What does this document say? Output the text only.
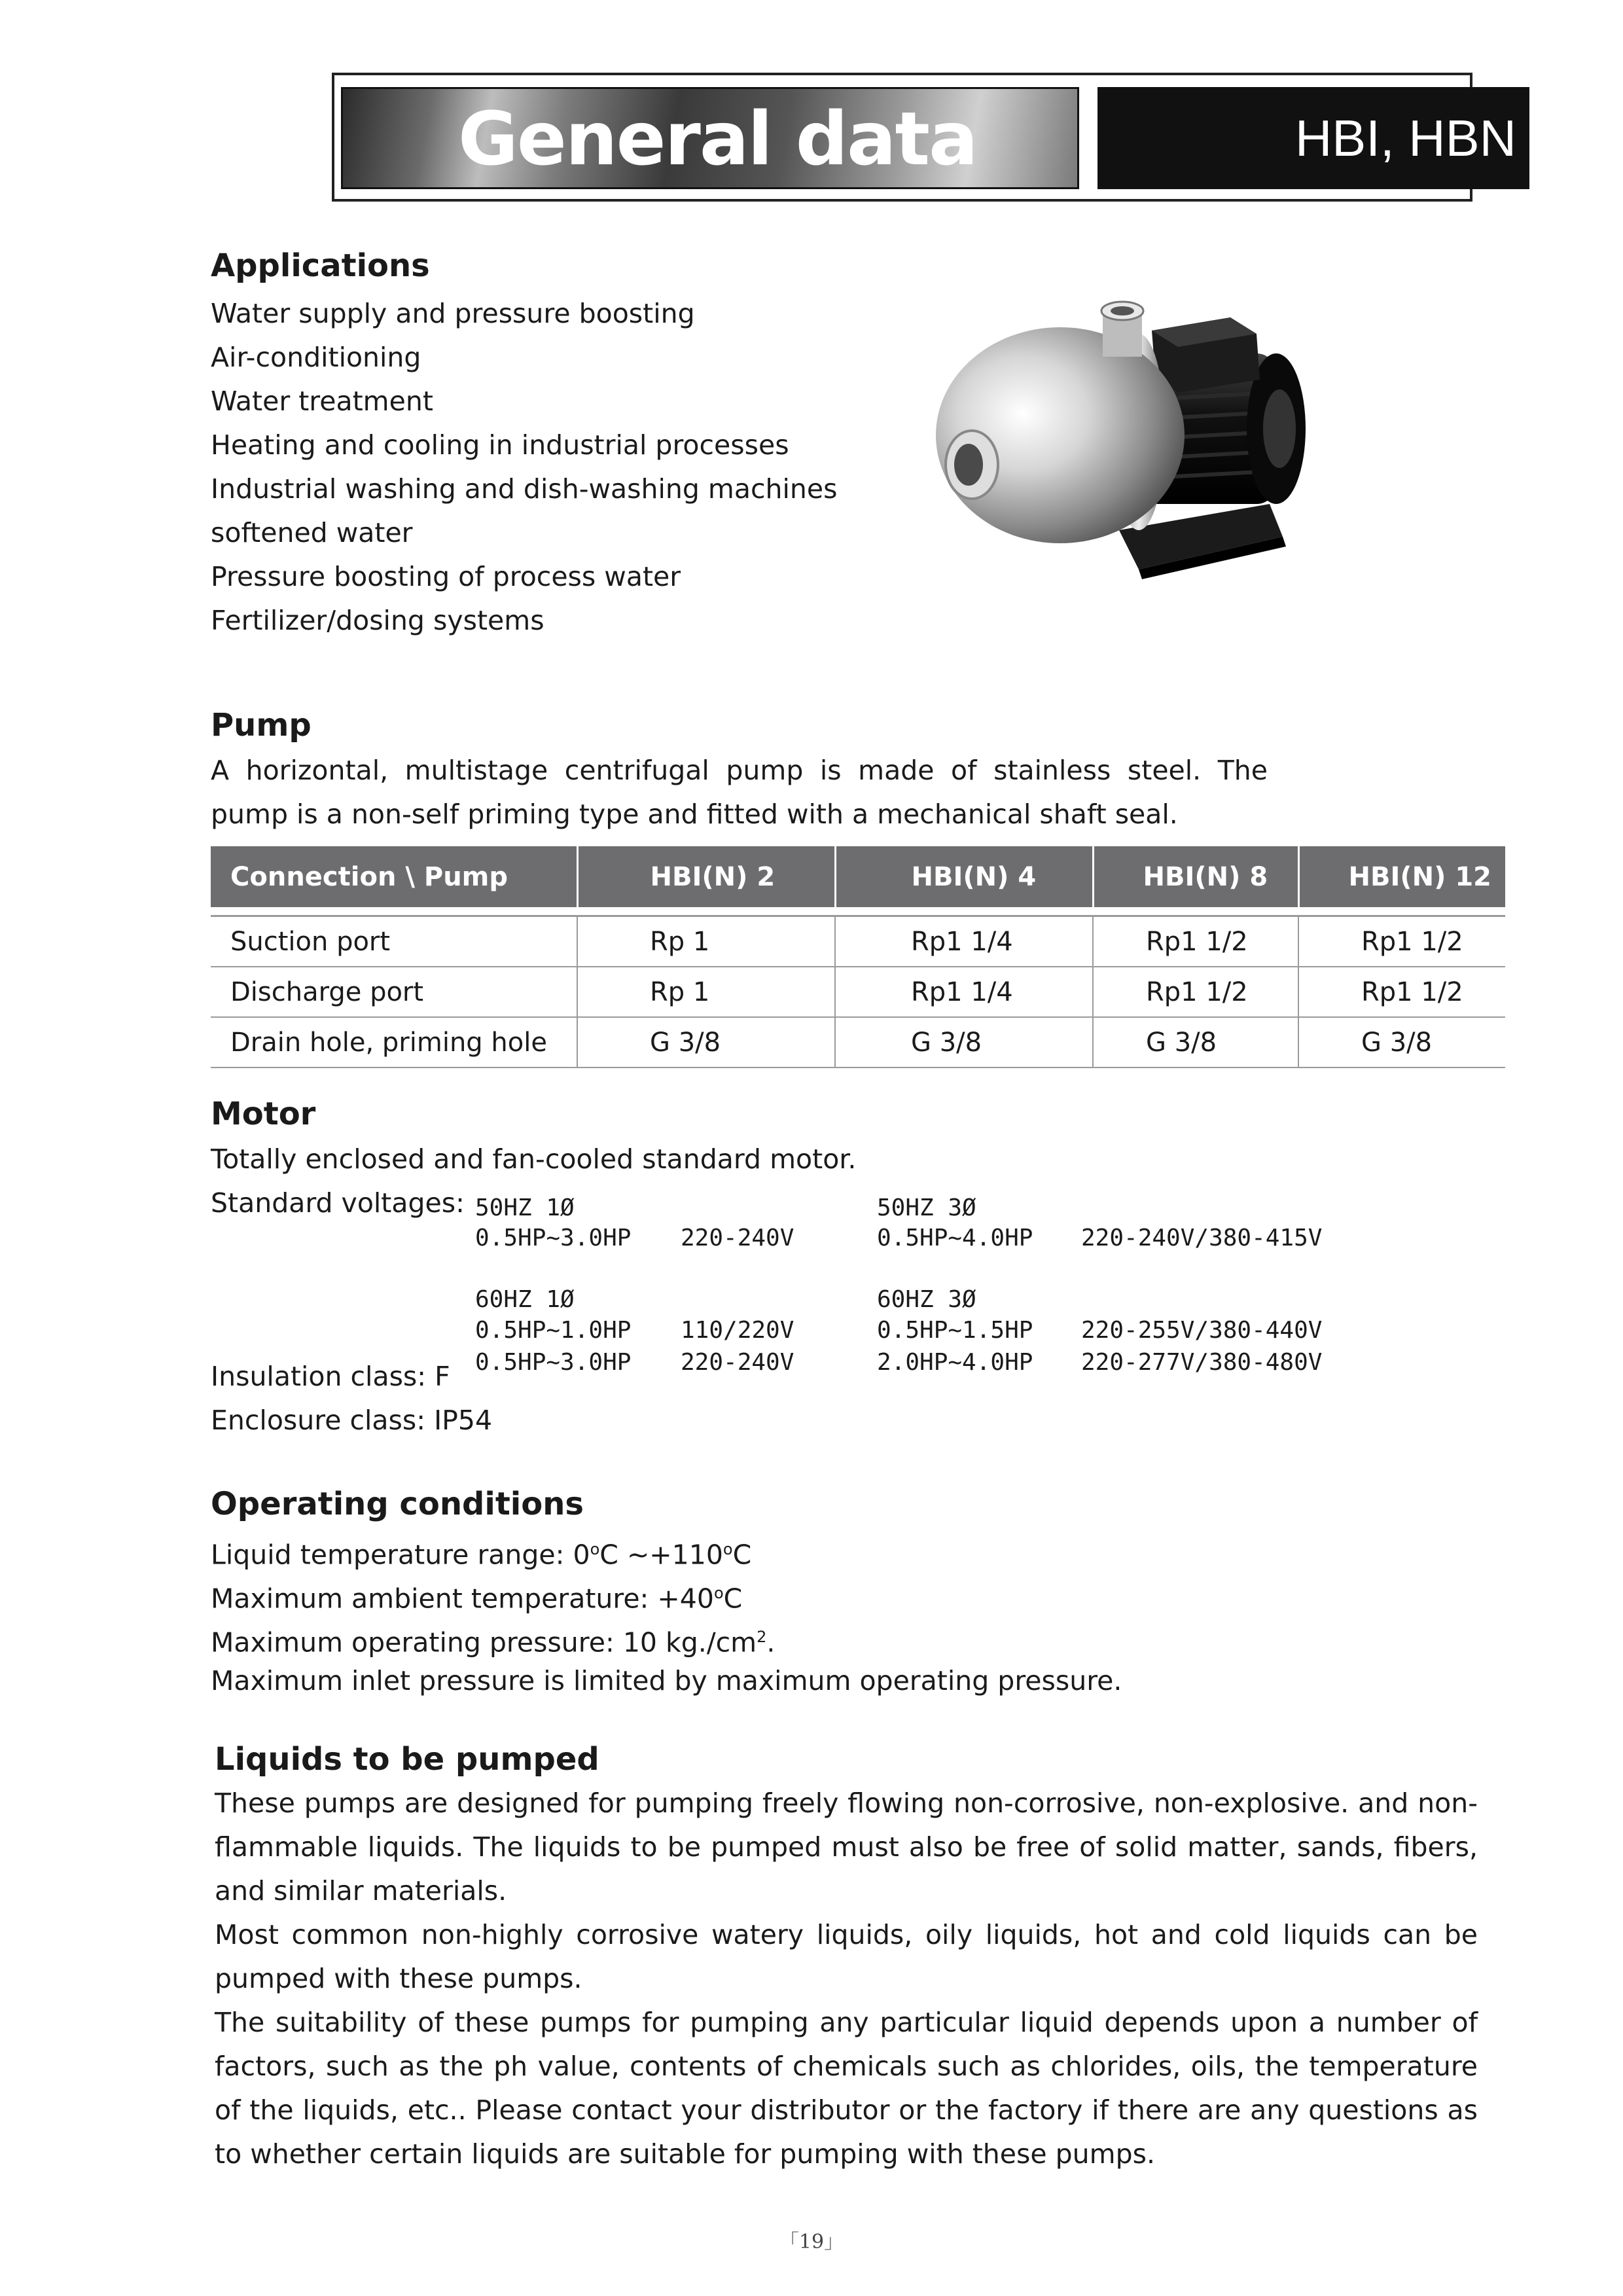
General data	HBI, HBN
Applications
Water supply and pressure boosting
Air-conditioning
Water treatment
Heating and cooling in industrial processes
Industrial washing and dish-washing machines
softened water
Pressure boosting of process water
Fertilizer/dosing systems
Pump
A horizontal, multistage centrifugal pump is made of stainless steel. The pump is a non-self priming type and fitted with a mechanical shaft seal.
Connection \ Pump	HBI(N) 2	HBI(N) 4	HBI(N) 8	HBI(N) 12

Suction port	Rp 1	Rp1 1/4	Rp1 1/2	Rp1 1/2
Discharge port	Rp 1	Rp1 1/4	Rp1 1/2	Rp1 1/2
Drain hole, priming hole	G 3/8	G 3/8	G 3/8	G 3/8
Motor
Totally enclosed and fan-cooled standard motor.
Standard voltages: 50HZ 1Ø
0.5HP~3.0HP 220-240V
50HZ 3Ø
0.5HP~4.0HP 220-240V/380-415V
60HZ 1Ø
0.5HP~1.0HP 110/220V
0.5HP~3.0HP 220-240V
60HZ 3Ø
0.5HP~1.5HP 220-255V/380-440V
2.0HP~4.0HP 220-277V/380-480V
Insulation class: F
Enclosure class: IP54
Operating conditions
Liquid temperature range: 0$^o$C $\sim+110^oC$
Maximum ambient temperature: $+40^oC$
Maximum operating pressure: 10 $kg./cm^2$.
Maximum inlet pressure is limited by maximum operating pressure.
Liquids to be pumped
These pumps are designed for pumping freely flowing non-corrosive, non-explosive. and non-flammable liquids. The liquids to be pumped must also be free of solid matter, sands, fibers, and similar materials.
Most common non-highly corrosive watery liquids, oily liquids, hot and cold liquids can be pumped with these pumps.
The suitability of these pumps for pumping any particular liquid depends upon a number of factors, such as the ph value, contents of chemicals such as chlorides, oils, the temperature of the liquids, etc.. Please contact your distributor or the factory if there are any questions as to whether certain liquids are suitable for pumping with these pumps.
「19」
